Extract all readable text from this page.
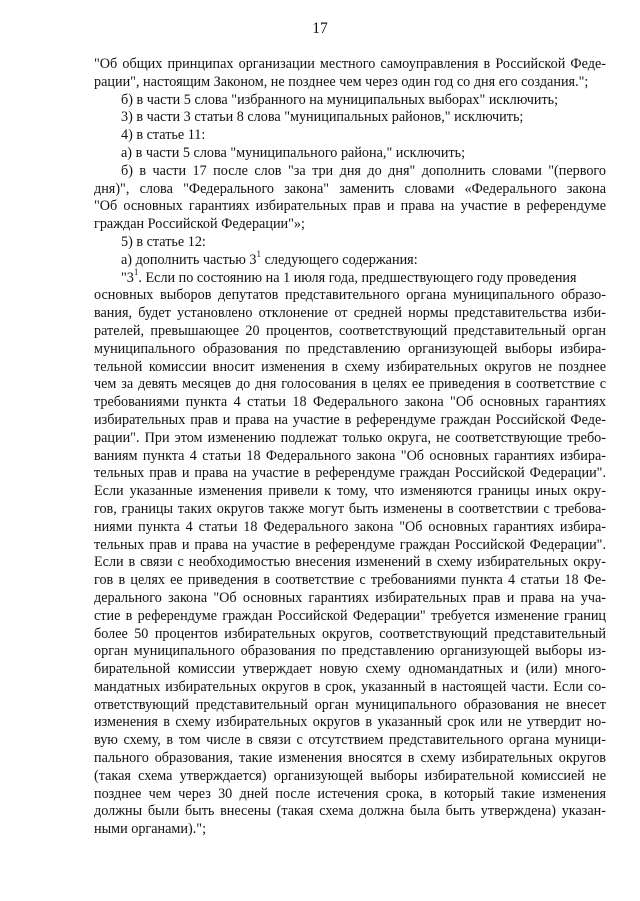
17
"Об общих принципах организации местного самоуправления в Российской Феде-
рации", настоящим Законом, не позднее чем через один год со дня его создания.";
б) в части 5 слова "избранного на муниципальных выборах" исключить;
3) в части 3 статьи 8 слова "муниципальных районов," исключить;
4) в статье 11:
а) в части 5 слова "муниципального района," исключить;
б) в части 17 после слов "за три дня до дня" дополнить словами "(первого
дня)", слова "Федерального закона" заменить словами «Федерального закона
"Об основных гарантиях избирательных прав и права на участие в референдуме
граждан Российской Федерации"»;
5) в статье 12:
а) дополнить частью $3^1$ следующего содержания:
"$3^1$. Если по состоянию на 1 июля года, предшествующего году проведения
основных выборов депутатов представительного органа муниципального образо-
вания, будет установлено отклонение от средней нормы представительства изби-
рателей, превышающее 20 процентов, соответствующий представительный орган
муниципального образования по представлению организующей выборы избира-
тельной комиссии вносит изменения в схему избирательных округов не позднее
чем за девять месяцев до дня голосования в целях ее приведения в соответствие с
требованиями пункта 4 статьи 18 Федерального закона "Об основных гарантиях
избирательных прав и права на участие в референдуме граждан Российской Феде-
рации". При этом изменению подлежат только округа, не соответствующие требо-
ваниям пункта 4 статьи 18 Федерального закона "Об основных гарантиях избира-
тельных прав и права на участие в референдуме граждан Российской Федерации".
Если указанные изменения привели к тому, что изменяются границы иных окру-
гов, границы таких округов также могут быть изменены в соответствии с требова-
ниями пункта 4 статьи 18 Федерального закона "Об основных гарантиях избира-
тельных прав и права на участие в референдуме граждан Российской Федерации".
Если в связи с необходимостью внесения изменений в схему избирательных окру-
гов в целях ее приведения в соответствие с требованиями пункта 4 статьи 18 Фе-
дерального закона "Об основных гарантиях избирательных прав и права на уча-
стие в референдуме граждан Российской Федерации" требуется изменение границ
более 50 процентов избирательных округов, соответствующий представительный
орган муниципального образования по представлению организующей выборы из-
бирательной комиссии утверждает новую схему одномандатных и (или) много-
мандатных избирательных округов в срок, указанный в настоящей части. Если со-
ответствующий представительный орган муниципального образования не внесет
изменения в схему избирательных округов в указанный срок или не утвердит но-
вую схему, в том числе в связи с отсутствием представительного органа муници-
пального образования, такие изменения вносятся в схему избирательных округов
(такая схема утверждается) организующей выборы избирательной комиссией не
позднее чем через 30 дней после истечения срока, в который такие изменения
должны были быть внесены (такая схема должна была быть утверждена) указан-
ными органами).";
